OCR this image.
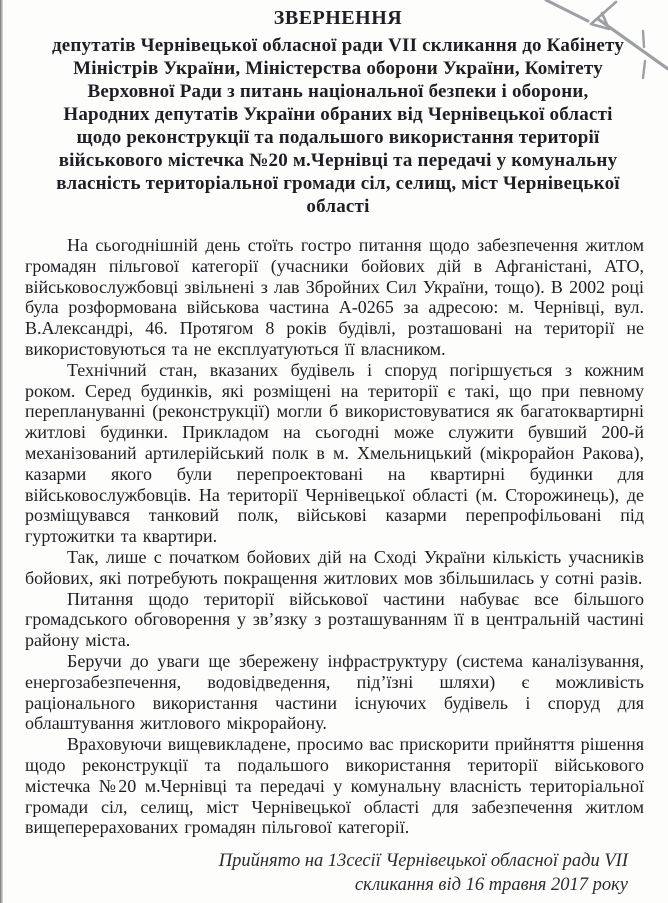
ЗВЕРНЕННЯ
депутатів Чернівецької обласної ради VII скликання до Кабінету Міністрів України, Міністерства оборони України, Комітету Верховної Ради з питань національної безпеки і оборони, Народних депутатів України обраних від Чернівецької області щодо реконструкції та подальшого використання території військового містечка №20 м.Чернівці та передачі у комунальну власність територіальної громади сіл, селищ, міст Чернівецької області

На сьогоднішній день стоїть гостро питання щодо забезпечення житлом громадян пільгової категорії (учасники бойових дій в Афганістані, АТО, військовослужбовці звільнені з лав Збройних Сил України, тощо). В 2002 році була розформована військова частина А-0265 за адресою: м. Чернівці, вул. В.Александрі, 46. Протягом 8 років будівлі, розташовані на території не використовуються та не експлуатуються її власником.

Технічний стан, вказаних будівель і споруд погіршується з кожним роком. Серед будинків, які розміщені на території є такі, що при певному переплануванні (реконструкції) могли б використовуватися як багатоквартирні житлові будинки. Прикладом на сьогодні може служити бувший 200-й механізований артилерійський полк в м. Хмельницький (мікрорайон Ракова), казарми якого були перепроектовані на квартирні будинки для військовослужбовців. На території Чернівецької області (м. Сторожинець), де розміщувався танковий полк, військові казарми перепрофільовані під гуртожитки та квартири.

Так, лише с початком бойових дій на Сході України кількість учасників бойових, які потребують покращення житлових мов збільшилась у сотні разів.

Питання щодо території військової частини набуває все більшого громадського обговорення у зв’язку з розташуванням її в центральній частині району міста.

Беручи до уваги ще збережену інфраструктуру (система каналізування, енергозабезпечення, водовідведення, під’їзні шляхи) є можливість раціонального використання частини існуючих будівель і споруд для облаштування житлового мікрорайону.

Враховуючи вищевикладене, просимо вас прискорити прийняття рішення щодо реконструкції та подальшого використання території військового містечка №20 м.Чернівці та передачі у комунальну власність територіальної громади сіл, селищ, міст Чернівецької області для забезпечення житлом вищеперерахованих громадян пільгової категорії.

Прийнято на 13сесії Чернівецької обласної ради VII
скликання від 16 травня 2017 року
